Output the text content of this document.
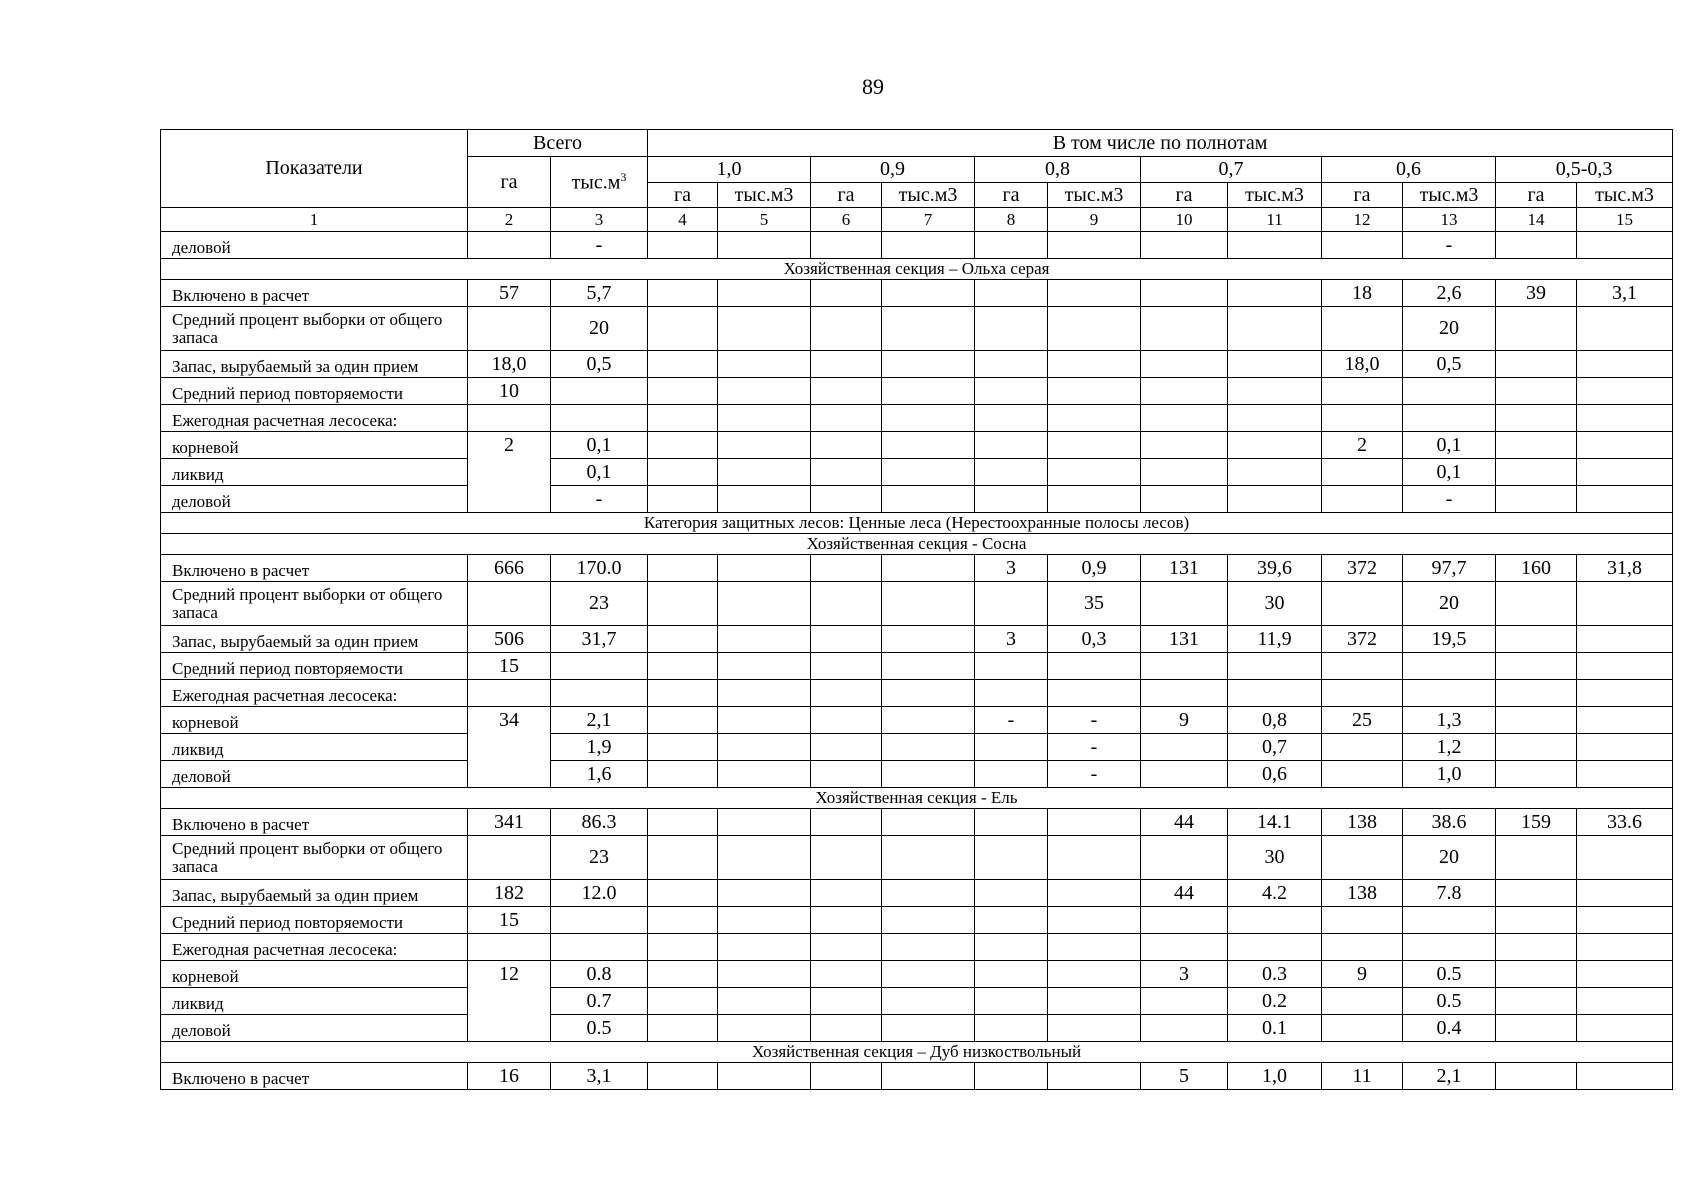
89
Показатели	Всего		В том числе по полнотам											
	га	$тыс.м^3$	1,0		0,9		0,8		0,7		0,6		0,5-0,3	
			га	тыс.м3	га	тыс.м3	га	тыс.м3	га	тыс.м3	га	тыс.м3	га	тыс.м3
1	2	3	4	5	6	7	8	9	10	11	12	13	14	15
деловой		-										-		
Хозяйственная секция – Ольха серая														
Включено в расчет	57	5,7									18	2,6	39	3,1
Средний процент выборки от общего запаса		20										20		
Запас, вырубаемый за один прием	18,0	0,5									18,0	0,5		
Средний период повторяемости	10													
Ежегодная расчетная лесосека:														
корневой	2	0,1									2	0,1		
ликвид		0,1										0,1		
деловой		-										-		
Категория защитных лесов: Ценные леса (Нерестоохранные полосы лесов)														
Хозяйственная секция - Сосна														
Включено в расчет	666	170.0					3	0,9	131	39,6	372	97,7	160	31,8
Средний процент выборки от общего запаса		23						35		30		20		
Запас, вырубаемый за один прием	506	31,7					3	0,3	131	11,9	372	19,5		
Средний период повторяемости	15													
Ежегодная расчетная лесосека:														
корневой	34	2,1					-	-	9	0,8	25	1,3		
ликвид		1,9						-		0,7		1,2		
деловой		1,6						-		0,6		1,0		
Хозяйственная секция - Ель														
Включено в расчет	341	86.3							44	14.1	138	38.6	159	33.6
Средний процент выборки от общего запаса		23								30		20		
Запас, вырубаемый за один прием	182	12.0							44	4.2	138	7.8		
Средний период повторяемости	15													
Ежегодная расчетная лесосека:														
корневой	12	0.8							3	0.3	9	0.5		
ликвид		0.7								0.2		0.5		
деловой		0.5								0.1		0.4		
Хозяйственная секция – Дуб низкоствольный														
Включено в расчет	16	3,1							5	1,0	11	2,1		
